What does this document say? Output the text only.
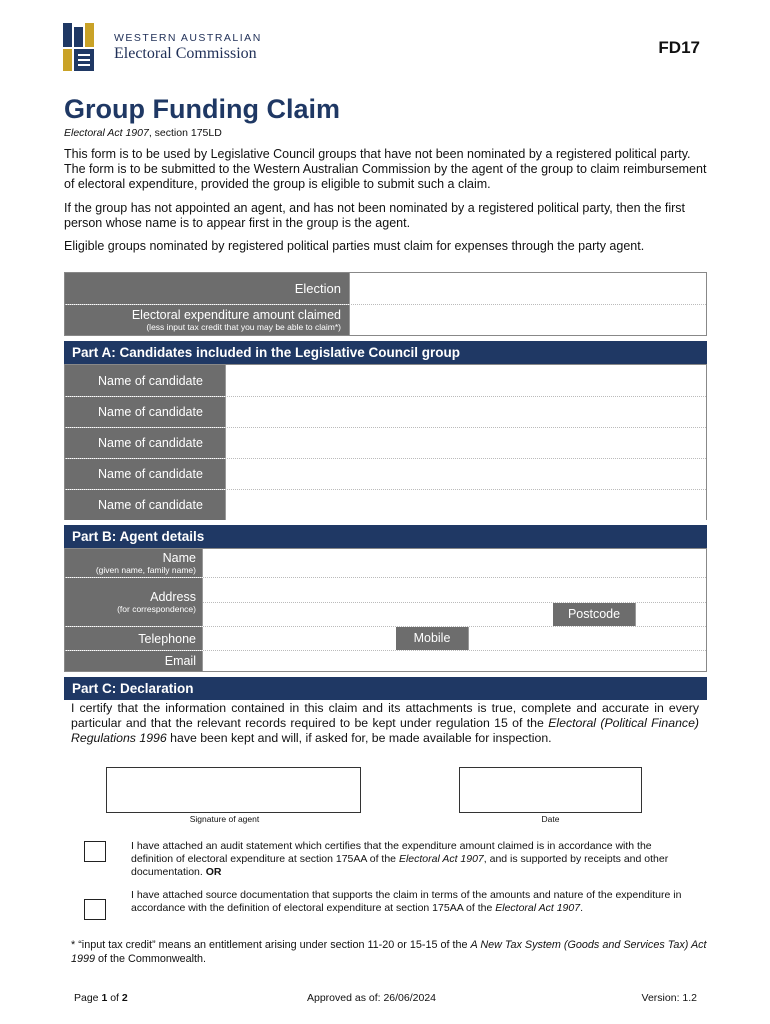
WESTERN AUSTRALIAN
Electoral Commission	FD17
Group Funding Claim
Electoral Act 1907, section 175LD
This form is to be used by Legislative Council groups that have not been nominated by a registered political party. The form is to be submitted to the Western Australian Commission by the agent of the group to claim reimbursement of electoral expenditure, provided the group is eligible to submit such a claim.
If the group has not appointed an agent, and has not been nominated by a registered political party, then the first person whose name is to appear first in the group is the agent.
Eligible groups nominated by registered political parties must claim for expenses through the party agent.
Election
Electoral expenditure amount claimed
(less input tax credit that you may be able to claim*)
Part A: Candidates included in the Legislative Council group
Name of candidate
Name of candidate
Name of candidate
Name of candidate
Name of candidate
Part B: Agent details
Name
(given name, family name)
Address
(for correspondence)	Postcode
Telephone	Mobile
Email
Part C: Declaration
I certify that the information contained in this claim and its attachments is true, complete and accurate in every particular and that the relevant records required to be kept under regulation 15 of the Electoral (Political Finance) Regulations 1996 have been kept and will, if asked for, be made available for inspection.
Signature of agent	Date
I have attached an audit statement which certifies that the expenditure amount claimed is in accordance with the definition of electoral expenditure at section 175AA of the Electoral Act 1907, and is supported by receipts and other documentation. OR
I have attached source documentation that supports the claim in terms of the amounts and nature of the expenditure in accordance with the definition of electoral expenditure at section 175AA of the Electoral Act 1907.
* “input tax credit” means an entitlement arising under section 11-20 or 15-15 of the A New Tax System (Goods and Services Tax) Act 1999 of the Commonwealth.
Page 1 of 2	Approved as of: 26/06/2024	Version: 1.2
